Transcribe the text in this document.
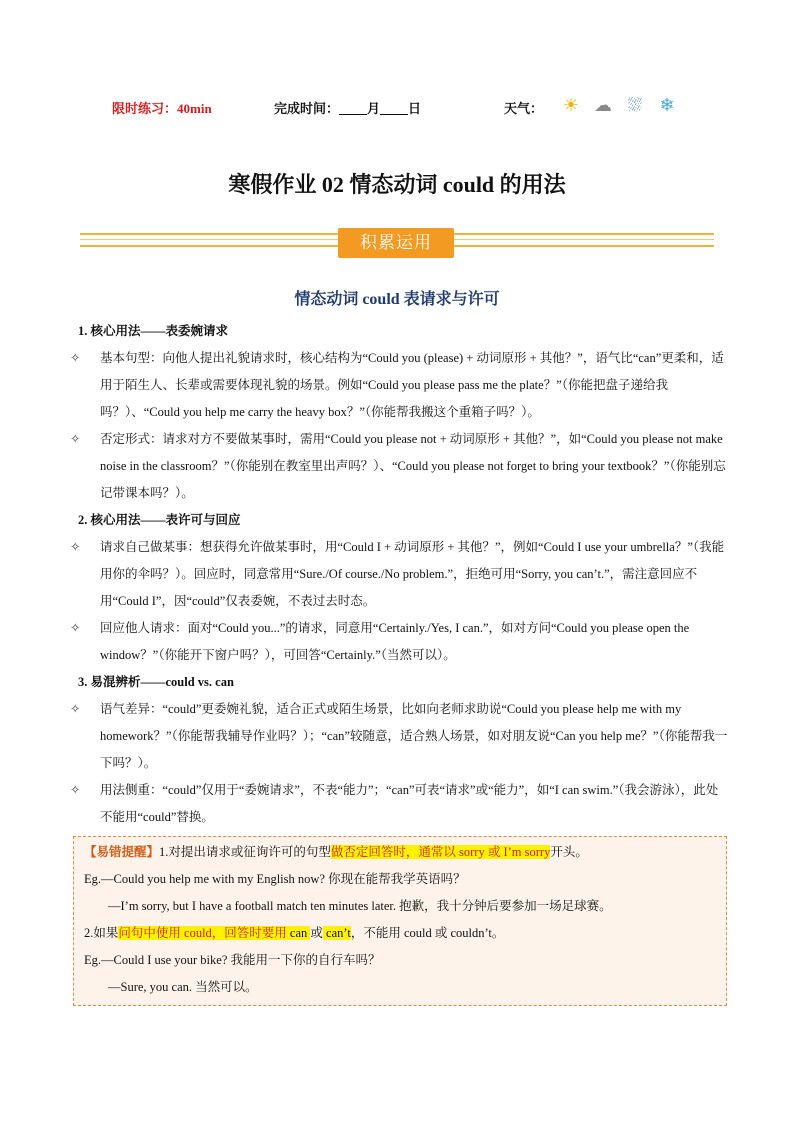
限时练习：40min	完成时间： 月 日	天气： ☀ ☁ ⛆ ❄
寒假作业 02 情态动词 could 的用法
积累运用
情态动词 could 表请求与许可
1. 核心用法——表委婉请求
✧ 基本句型：向他人提出礼貌请求时，核心结构为“Could you (please) + 动词原形 + 其他？”，语气比“can”更柔和，适用于陌生人、长辈或需要体现礼貌的场景。例如“Could you please pass me the plate？”（你能把盘子递给我吗？）、“Could you help me carry the heavy box？”（你能帮我搬这个重箱子吗？）。
✧ 否定形式：请求对方不要做某事时，需用“Could you please not + 动词原形 + 其他？”，如“Could you please not make noise in the classroom？”（你能别在教室里出声吗？）、“Could you please not forget to bring your textbook？”（你能别忘记带课本吗？）。
2. 核心用法——表许可与回应
✧ 请求自己做某事：想获得允许做某事时，用“Could I + 动词原形 + 其他？”，例如“Could I use your umbrella？”（我能用你的伞吗？）。回应时，同意常用“Sure./Of course./No problem.”，拒绝可用“Sorry, you can’t.”，需注意回应不用“Could I”，因“could”仅表委婉，不表过去时态。
✧ 回应他人请求：面对“Could you...”的请求，同意用“Certainly./Yes, I can.”，如对方问“Could you please open the window？”（你能开下窗户吗？），可回答“Certainly.”（当然可以）。
3. 易混辨析——could vs. can
✧ 语气差异：“could”更委婉礼貌，适合正式或陌生场景，比如向老师求助说“Could you please help me with my homework？”（你能帮我辅导作业吗？）；“can”较随意，适合熟人场景，如对朋友说“Can you help me？”（你能帮我一下吗？）。
✧ 用法侧重：“could”仅用于“委婉请求”，不表“能力”；“can”可表“请求”或“能力”，如“I can swim.”（我会游泳），此处不能用“could”替换。
【易错提醒】1.对提出请求或征询许可的句型做否定回答时，通常以 sorry 或 I’m sorry开头。
Eg.—Could you help me with my English now? 你现在能帮我学英语吗？
—I’m sorry, but I have a football match ten minutes later. 抱歉，我十分钟后要参加一场足球赛。
2.如果问句中使用 could，回答时要用 can 或 can’t，不能用 could 或 couldn’t。
Eg.—Could I use your bike? 我能用一下你的自行车吗？
—Sure, you can. 当然可以。
